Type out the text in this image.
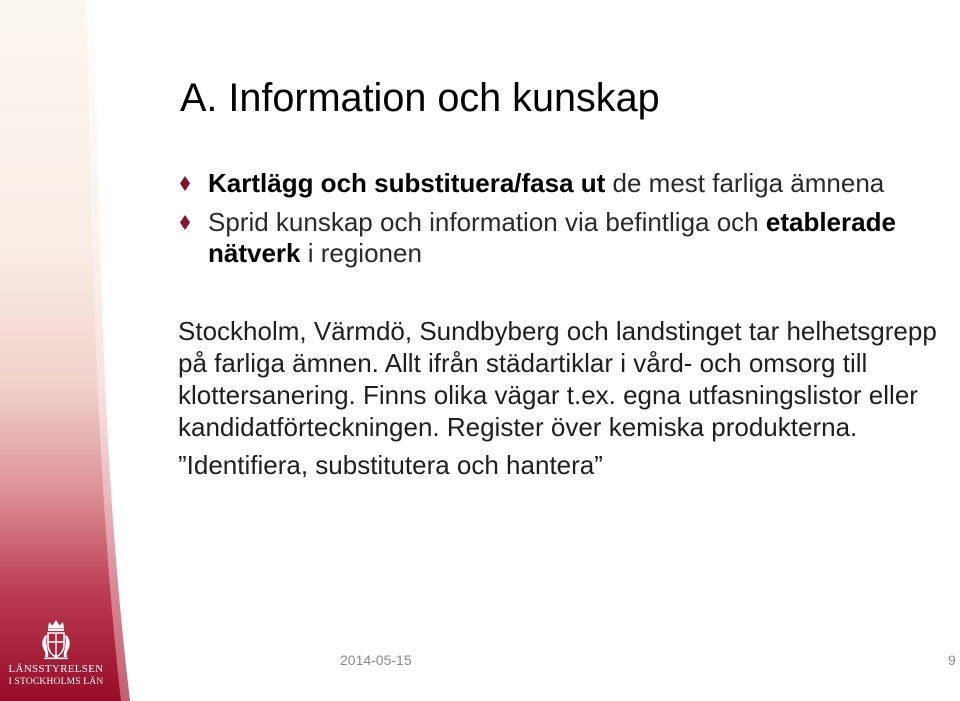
A. Information och kunskap
Kartlägg och substituera/fasa ut de mest farliga ämnena
Sprid kunskap och information via befintliga och etablerade
nätverk i regionen
Stockholm, Värmdö, Sundbyberg och landstinget tar helhetsgrepp
på farliga ämnen. Allt ifrån städartiklar i vård- och omsorg till
klottersanering. Finns olika vägar t.ex. egna utfasningslistor eller
kandidatförteckningen. Register över kemiska produkterna.
”Identifiera, substitutera och hantera”
2014-05-15	9
LÄNSSTYRELSEN
I STOCKHOLMS LÄN
